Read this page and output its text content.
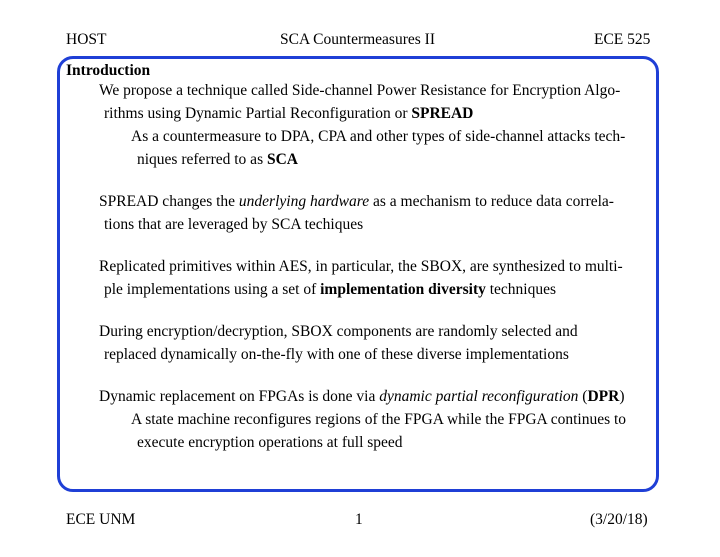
HOST	SCA Countermeasures II	ECE 525
Introduction
We propose a technique called Side-channel Power Resistance for Encryption Algo-
rithms using Dynamic Partial Reconfiguration or SPREAD
As a countermeasure to DPA, CPA and other types of side-channel attacks tech-
niques referred to as SCA
SPREAD changes the underlying hardware as a mechanism to reduce data correla-
tions that are leveraged by SCA techiques
Replicated primitives within AES, in particular, the SBOX, are synthesized to multi-
ple implementations using a set of implementation diversity techniques
During encryption/decryption, SBOX components are randomly selected and
replaced dynamically on-the-fly with one of these diverse implementations
Dynamic replacement on FPGAs is done via dynamic partial reconfiguration (DPR)
A state machine reconfigures regions of the FPGA while the FPGA continues to
execute encryption operations at full speed
ECE UNM	1	(3/20/18)
